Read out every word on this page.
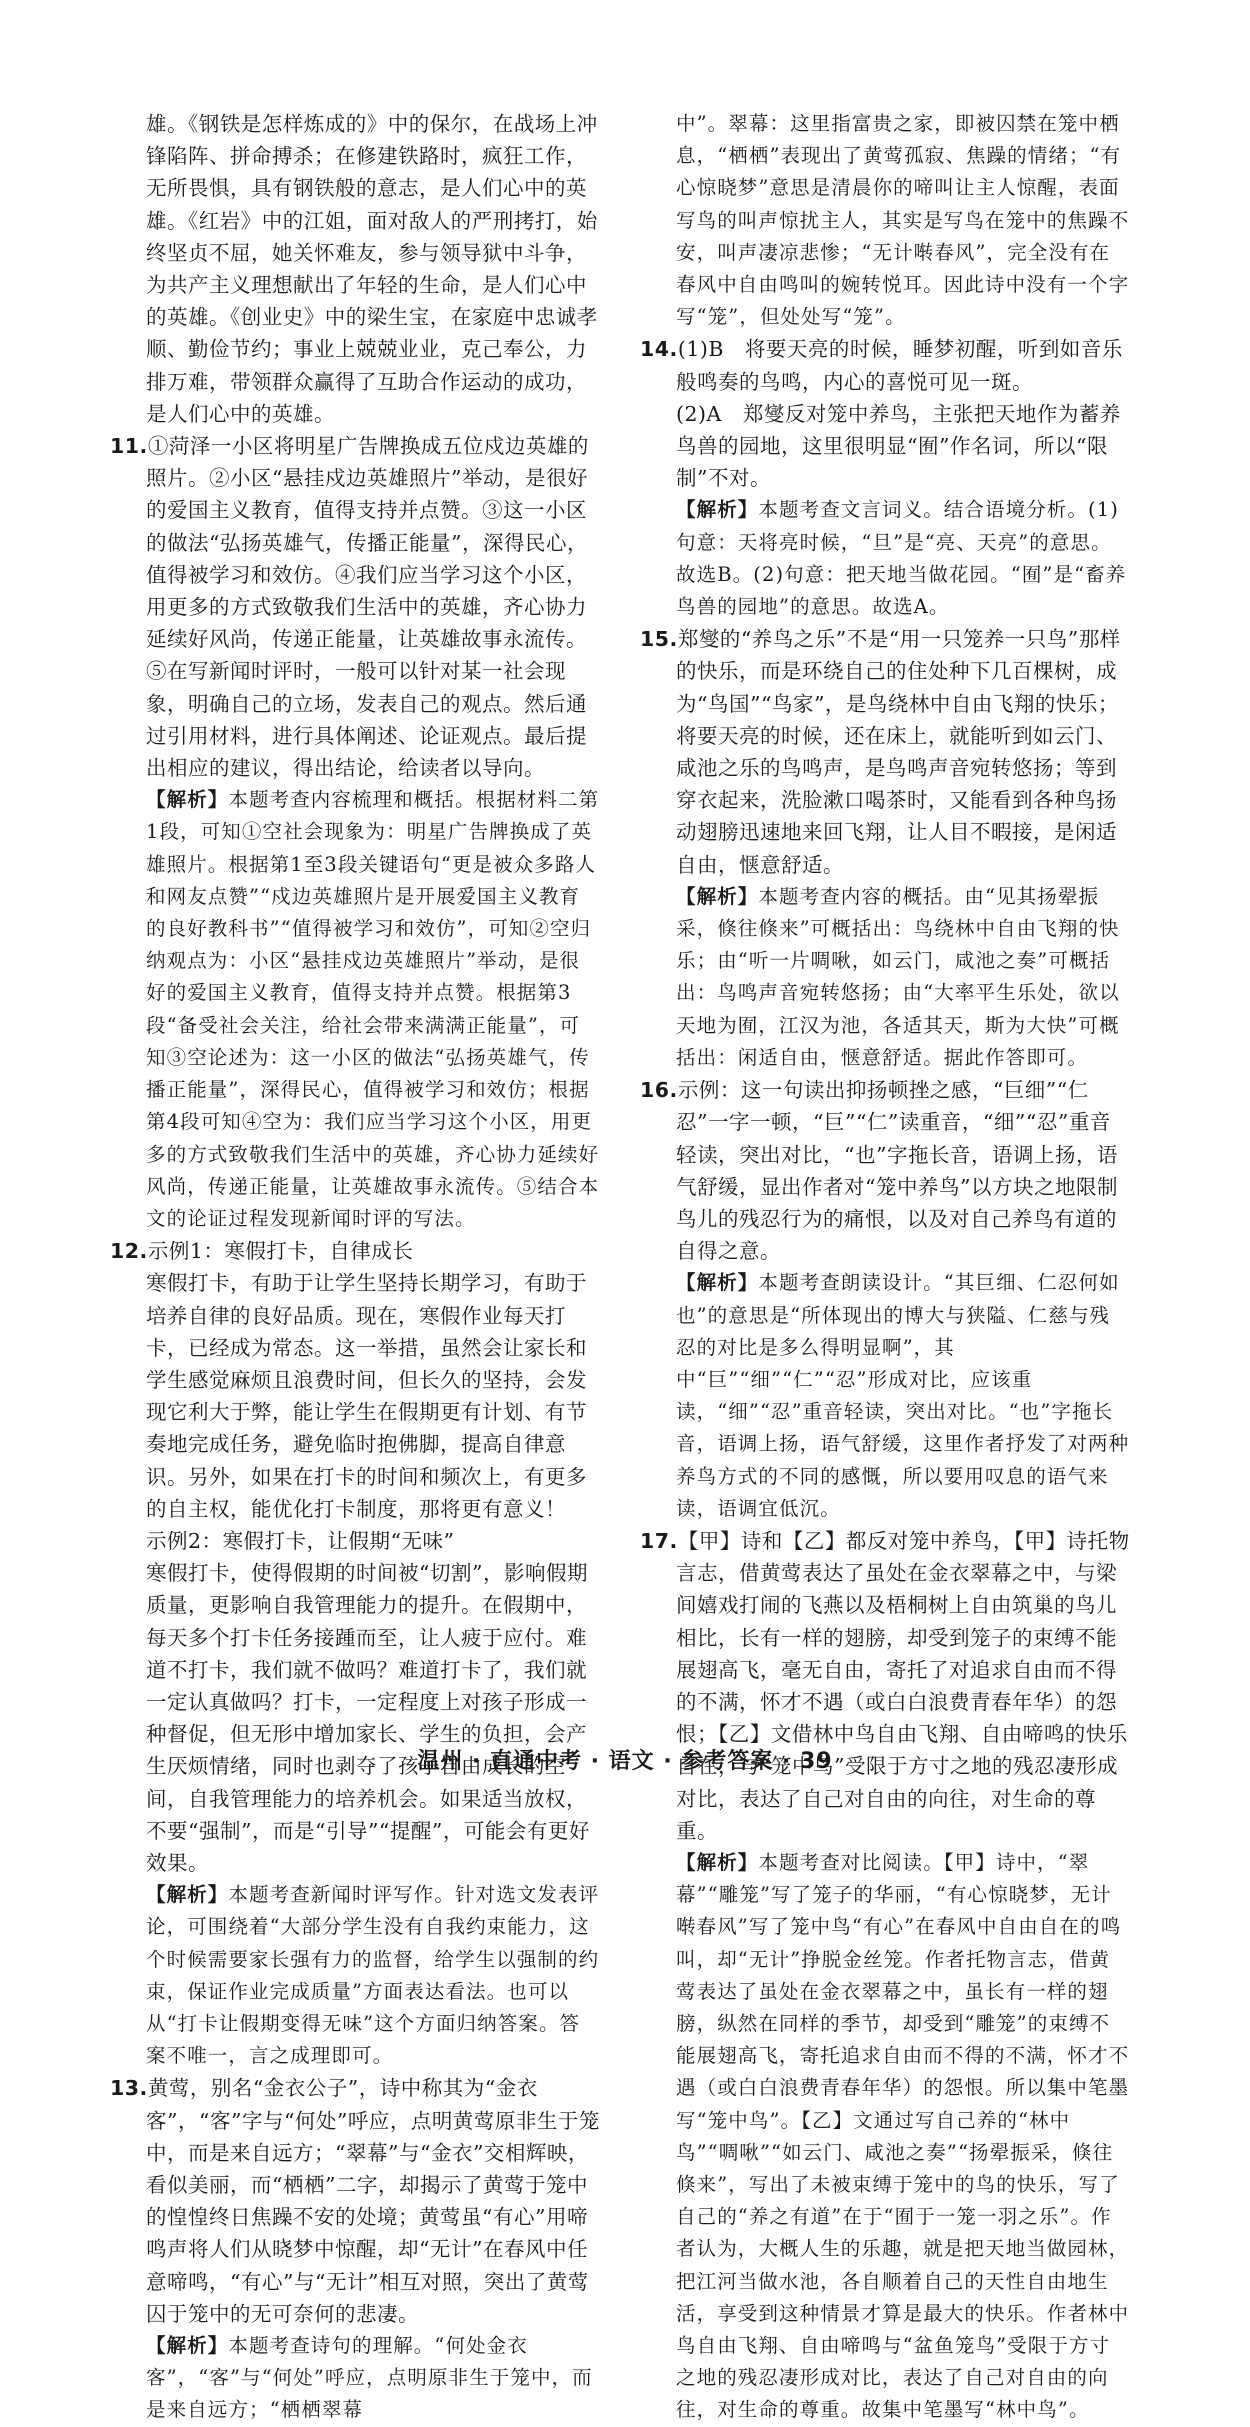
雄。《钢铁是怎样炼成的》中的保尔，在战场上冲锋陷阵、拼命搏杀；在修建铁路时，疯狂工作，无所畏惧，具有钢铁般的意志，是人们心中的英雄。《红岩》中的江姐，面对敌人的严刑拷打，始终坚贞不屈，她关怀难友，参与领导狱中斗争，为共产主义理想献出了年轻的生命，是人们心中的英雄。《创业史》中的梁生宝，在家庭中忠诚孝顺、勤俭节约；事业上兢兢业业，克己奉公，力排万难，带领群众赢得了互助合作运动的成功，是人们心中的英雄。

11.①菏泽一小区将明星广告牌换成五位戍边英雄的照片。②小区“悬挂戍边英雄照片”举动，是很好的爱国主义教育，值得支持并点赞。③这一小区的做法“弘扬英雄气，传播正能量”，深得民心，值得被学习和效仿。④我们应当学习这个小区，用更多的方式致敬我们生活中的英雄，齐心协力延续好风尚，传递正能量，让英雄故事永流传。⑤在写新闻时评时，一般可以针对某一社会现象，明确自己的立场，发表自己的观点。然后通过引用材料，进行具体阐述、论证观点。最后提出相应的建议，得出结论，给读者以导向。

【解析】本题考查内容梳理和概括。根据材料二第1段，可知①空社会现象为：明星广告牌换成了英雄照片。根据第1至3段关键语句“更是被众多路人和网友点赞”“戍边英雄照片是开展爱国主义教育的良好教科书”“值得被学习和效仿”，可知②空归纳观点为：小区“悬挂戍边英雄照片”举动，是很好的爱国主义教育，值得支持并点赞。根据第3段“备受社会关注，给社会带来满满正能量”，可知③空论述为：这一小区的做法“弘扬英雄气，传播正能量”，深得民心，值得被学习和效仿；根据第4段可知④空为：我们应当学习这个小区，用更多的方式致敬我们生活中的英雄，齐心协力延续好风尚，传递正能量，让英雄故事永流传。⑤结合本文的论证过程发现新闻时评的写法。

12.示例1：寒假打卡，自律成长

寒假打卡，有助于让学生坚持长期学习，有助于培养自律的良好品质。现在，寒假作业每天打卡，已经成为常态。这一举措，虽然会让家长和学生感觉麻烦且浪费时间，但长久的坚持，会发现它利大于弊，能让学生在假期更有计划、有节奏地完成任务，避免临时抱佛脚，提高自律意识。另外，如果在打卡的时间和频次上，有更多的自主权，能优化打卡制度，那将更有意义！

示例2：寒假打卡，让假期“无味”

寒假打卡，使得假期的时间被“切割”，影响假期质量，更影响自我管理能力的提升。在假期中，每天多个打卡任务接踵而至，让人疲于应付。难道不打卡，我们就不做吗？难道打卡了，我们就一定认真做吗？打卡，一定程度上对孩子形成一种督促，但无形中增加家长、学生的负担，会产生厌烦情绪，同时也剥夺了孩子自由成长的空间，自我管理能力的培养机会。如果适当放权，不要“强制”，而是“引导”“提醒”，可能会有更好效果。

【解析】本题考查新闻时评写作。针对选文发表评论，可围绕着“大部分学生没有自我约束能力，这个时候需要家长强有力的监督，给学生以强制的约束，保证作业完成质量”方面表达看法。也可以从“打卡让假期变得无味”这个方面归纳答案。答案不唯一，言之成理即可。

13.黄莺，别名“金衣公子”，诗中称其为“金衣客”，“客”字与“何处”呼应，点明黄莺原非生于笼中，而是来自远方；“翠幕”与“金衣”交相辉映，看似美丽，而“栖栖”二字，却揭示了黄莺于笼中的惶惶终日焦躁不安的处境；黄莺虽“有心”用啼鸣声将人们从晓梦中惊醒，却“无计”在春风中任意啼鸣，“有心”与“无计”相互对照，突出了黄莺囚于笼中的无可奈何的悲凄。

【解析】本题考查诗句的理解。“何处金衣客”，“客”与“何处”呼应，点明原非生于笼中，而是来自远方；“栖栖翠幕

中”。翠幕：这里指富贵之家，即被囚禁在笼中栖息，“栖栖”表现出了黄莺孤寂、焦躁的情绪；“有心惊晓梦”意思是清晨你的啼叫让主人惊醒，表面写鸟的叫声惊扰主人，其实是写鸟在笼中的焦躁不安，叫声凄凉悲惨；“无计啭春风”，完全没有在春风中自由鸣叫的婉转悦耳。因此诗中没有一个字写“笼”，但处处写“笼”。

14.(1)B　将要天亮的时候，睡梦初醒，听到如音乐般鸣奏的鸟鸣，内心的喜悦可见一斑。

(2)A　郑燮反对笼中养鸟，主张把天地作为蓄养鸟兽的园地，这里很明显“囿”作名词，所以“限制”不对。

【解析】本题考查文言词义。结合语境分析。(1)句意：天将亮时候，“旦”是“亮、天亮”的意思。故选B。(2)句意：把天地当做花园。“囿”是“畜养鸟兽的园地”的意思。故选A。

15.郑燮的“养鸟之乐”不是“用一只笼养一只鸟”那样的快乐，而是环绕自己的住处种下几百棵树，成为“鸟国”“鸟家”，是鸟绕林中自由飞翔的快乐；将要天亮的时候，还在床上，就能听到如云门、咸池之乐的鸟鸣声，是鸟鸣声音宛转悠扬；等到穿衣起来，洗脸漱口喝茶时，又能看到各种鸟扬动翅膀迅速地来回飞翔，让人目不暇接，是闲适自由，惬意舒适。

【解析】本题考查内容的概括。由“见其扬翚振采，倏往倏来”可概括出：鸟绕林中自由飞翔的快乐；由“听一片啁啾，如云门，咸池之奏”可概括出：鸟鸣声音宛转悠扬；由“大率平生乐处，欲以天地为囿，江汉为池，各适其天，斯为大快”可概括出：闲适自由，惬意舒适。据此作答即可。

16.示例：这一句读出抑扬顿挫之感，“巨细”“仁忍”一字一顿，“巨”“仁”读重音，“细”“忍”重音轻读，突出对比，“也”字拖长音，语调上扬，语气舒缓，显出作者对“笼中养鸟”以方块之地限制鸟儿的残忍行为的痛恨，以及对自己养鸟有道的自得之意。

【解析】本题考查朗读设计。“其巨细、仁忍何如也”的意思是“所体现出的博大与狭隘、仁慈与残忍的对比是多么得明显啊”，其中“巨”“细”“仁”“忍”形成对比，应该重读，“细”“忍”重音轻读，突出对比。“也”字拖长音，语调上扬，语气舒缓，这里作者抒发了对两种养鸟方式的不同的感慨，所以要用叹息的语气来读，语调宜低沉。

17.【甲】诗和【乙】都反对笼中养鸟，【甲】诗托物言志，借黄莺表达了虽处在金衣翠幕之中，与梁间嬉戏打闹的飞燕以及梧桐树上自由筑巢的鸟儿相比，长有一样的翅膀，却受到笼子的束缚不能展翅高飞，毫无自由，寄托了对追求自由而不得的不满，怀才不遇（或白白浪费青春年华）的怨恨；【乙】文借林中鸟自由飞翔、自由啼鸣的快乐自在，与“笼中鸟”受限于方寸之地的残忍凄形成对比，表达了自己对自由的向往，对生命的尊重。

【解析】本题考查对比阅读。【甲】诗中，“翠幕”“雕笼”写了笼子的华丽，“有心惊晓梦，无计啭春风”写了笼中鸟“有心”在春风中自由自在的鸣叫，却“无计”挣脱金丝笼。作者托物言志，借黄莺表达了虽处在金衣翠幕之中，虽长有一样的翅膀，纵然在同样的季节，却受到“雕笼”的束缚不能展翅高飞，寄托追求自由而不得的不满，怀才不遇（或白白浪费青春年华）的怨恨。所以集中笔墨写“笼中鸟”。【乙】文通过写自己养的“林中鸟”“啁啾”“如云门、咸池之奏”“扬翚振采，倏往倏来”，写出了未被束缚于笼中的鸟的快乐，写了自己的“养之有道”在于“囿于一笼一羽之乐”。作者认为，大概人生的乐趣，就是把天地当做园林，把江河当做水池，各自顺着自己的天性自由地生活，享受到这种情景才算是最大的快乐。作者林中鸟自由飞翔、自由啼鸣与“盆鱼笼鸟”受限于方寸之地的残忍凄形成对比，表达了自己对自由的向往，对生命的尊重。故集中笔墨写“林中鸟”。

温州 · 直通中考 · 语文 · 参考答案 · 39
